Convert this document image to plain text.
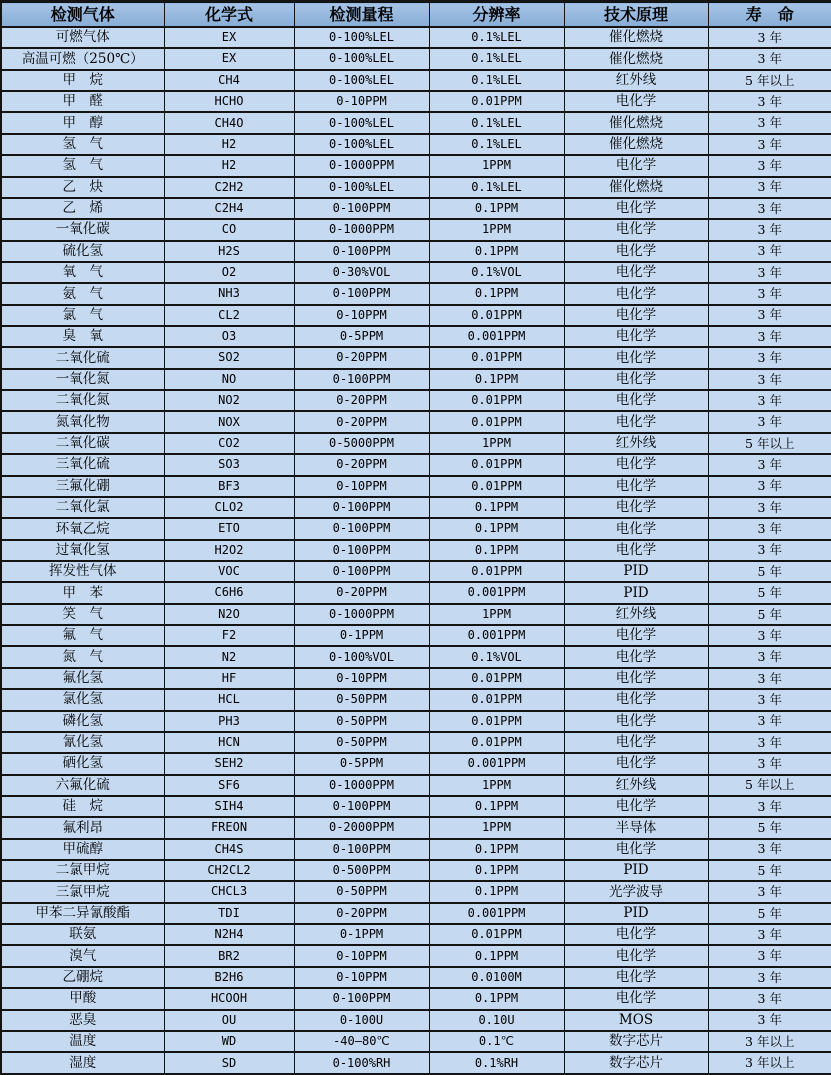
检测气体	化学式	检测量程	分辨率	技术原理	寿　命
可燃气体	EX	0-100%LEL	0.1%LEL	催化燃烧	3 年
高温可燃（250℃）	EX	0-100%LEL	0.1%LEL	催化燃烧	3 年
甲　烷	CH4	0-100%LEL	0.1%LEL	红外线	5 年以上
甲　醛	HCHO	0-10PPM	0.01PPM	电化学	3 年
甲　醇	CH4O	0-100%LEL	0.1%LEL	催化燃烧	3 年
氢　气	H2	0-100%LEL	0.1%LEL	催化燃烧	3 年
氢　气	H2	0-1000PPM	1PPM	电化学	3 年
乙　炔	C2H2	0-100%LEL	0.1%LEL	催化燃烧	3 年
乙　烯	C2H4	0-100PPM	0.1PPM	电化学	3 年
一氧化碳	CO	0-1000PPM	1PPM	电化学	3 年
硫化氢	H2S	0-100PPM	0.1PPM	电化学	3 年
氧　气	O2	0-30%VOL	0.1%VOL	电化学	3 年
氨　气	NH3	0-100PPM	0.1PPM	电化学	3 年
氯　气	CL2	0-10PPM	0.01PPM	电化学	3 年
臭　氧	O3	0-5PPM	0.001PPM	电化学	3 年
二氧化硫	SO2	0-20PPM	0.01PPM	电化学	3 年
一氧化氮	NO	0-100PPM	0.1PPM	电化学	3 年
二氧化氮	NO2	0-20PPM	0.01PPM	电化学	3 年
氮氧化物	NOX	0-20PPM	0.01PPM	电化学	3 年
二氧化碳	CO2	0-5000PPM	1PPM	红外线	5 年以上
三氧化硫	SO3	0-20PPM	0.01PPM	电化学	3 年
三氟化硼	BF3	0-10PPM	0.01PPM	电化学	3 年
二氧化氯	CLO2	0-100PPM	0.1PPM	电化学	3 年
环氧乙烷	ETO	0-100PPM	0.1PPM	电化学	3 年
过氧化氢	H2O2	0-100PPM	0.1PPM	电化学	3 年
挥发性气体	VOC	0-100PPM	0.01PPM	PID	5 年
甲　苯	C6H6	0-20PPM	0.001PPM	PID	5 年
笑　气	N2O	0-1000PPM	1PPM	红外线	5 年
氟　气	F2	0-1PPM	0.001PPM	电化学	3 年
氮　气	N2	0-100%VOL	0.1%VOL	电化学	3 年
氟化氢	HF	0-10PPM	0.01PPM	电化学	3 年
氯化氢	HCL	0-50PPM	0.01PPM	电化学	3 年
磷化氢	PH3	0-50PPM	0.01PPM	电化学	3 年
氰化氢	HCN	0-50PPM	0.01PPM	电化学	3 年
硒化氢	SEH2	0-5PPM	0.001PPM	电化学	3 年
六氟化硫	SF6	0-1000PPM	1PPM	红外线	5 年以上
硅　烷	SIH4	0-100PPM	0.1PPM	电化学	3 年
氟利昂	FREON	0-2000PPM	1PPM	半导体	5 年
甲硫醇	CH4S	0-100PPM	0.1PPM	电化学	3 年
二氯甲烷	CH2CL2	0-500PPM	0.1PPM	PID	5 年
三氯甲烷	CHCL3	0-50PPM	0.1PPM	光学波导	3 年
甲苯二异氰酸酯	TDI	0-20PPM	0.001PPM	PID	5 年
联氨	N2H4	0-1PPM	0.01PPM	电化学	3 年
溴气	BR2	0-10PPM	0.1PPM	电化学	3 年
乙硼烷	B2H6	0-10PPM	0.0100M	电化学	3 年
甲酸	HCOOH	0-100PPM	0.1PPM	电化学	3 年
恶臭	OU	0-100U	0.10U	MOS	3 年
温度	WD	-40—80℃	0.1℃	数字芯片	3 年以上
湿度	SD	0-100%RH	0.1%RH	数字芯片	3 年以上
